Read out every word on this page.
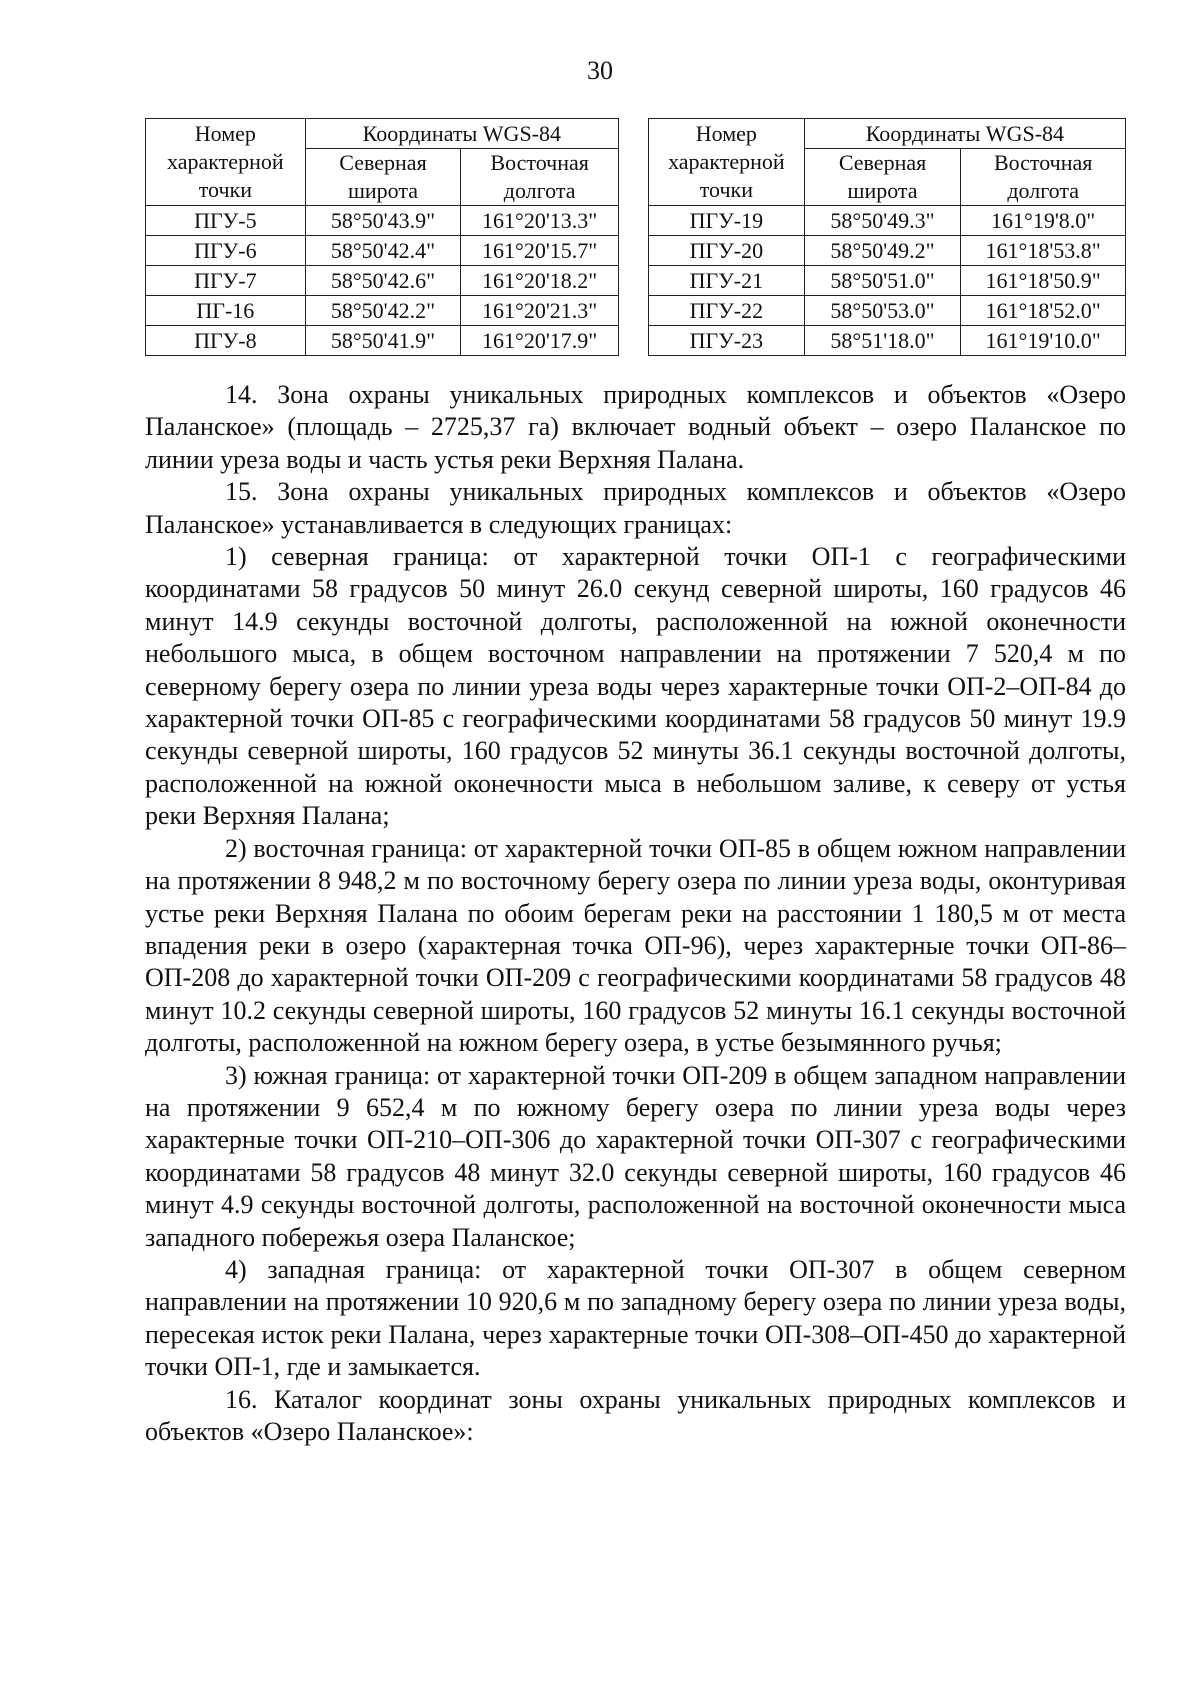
30
Номер характерной точки	Координаты WGS-84	
	Северная широта	Восточная долгота

ПГУ-5	58°50'43.9"	161°20'13.3"
ПГУ-6	58°50'42.4"	161°20'15.7"
ПГУ-7	58°50'42.6"	161°20'18.2"
ПГ-16	58°50'42.2"	161°20'21.3"
ПГУ-8	58°50'41.9"	161°20'17.9"
Номер характерной точки	Координаты WGS-84	
	Северная широта	Восточная долгота

ПГУ-19	58°50'49.3"	161°19'8.0"
ПГУ-20	58°50'49.2"	161°18'53.8"
ПГУ-21	58°50'51.0"	161°18'50.9"
ПГУ-22	58°50'53.0"	161°18'52.0"
ПГУ-23	58°51'18.0"	161°19'10.0"

14. Зона охраны уникальных природных комплексов и объектов «Озеро Паланское» (площадь – 2725,37 га) включает водный объект – озеро Паланское по линии уреза воды и часть устья реки Верхняя Палана.

15. Зона охраны уникальных природных комплексов и объектов «Озеро Паланское» устанавливается в следующих границах:

1) северная граница: от характерной точки ОП-1 с географическими координатами 58 градусов 50 минут 26.0 секунд северной широты, 160 градусов 46 минут 14.9 секунды восточной долготы, расположенной на южной оконечности небольшого мыса, в общем восточном направлении на протяжении 7 520,4 м по северному берегу озера по линии уреза воды через характерные точки ОП-2–ОП-84 до характерной точки ОП-85 с географическими координатами 58 градусов 50 минут 19.9 секунды северной широты, 160 градусов 52 минуты 36.1 секунды восточной долготы, расположенной на южной оконечности мыса в небольшом заливе, к северу от устья реки Верхняя Палана;

2) восточная граница: от характерной точки ОП-85 в общем южном направлении на протяжении 8 948,2 м по восточному берегу озера по линии уреза воды, оконтуривая устье реки Верхняя Палана по обоим берегам реки на расстоянии 1 180,5 м от места впадения реки в озеро (характерная точка ОП-96), через характерные точки ОП-86–ОП-208 до характерной точки ОП-209 с географическими координатами 58 градусов 48 минут 10.2 секунды северной широты, 160 градусов 52 минуты 16.1 секунды восточной долготы, расположенной на южном берегу озера, в устье безымянного ручья;

3) южная граница: от характерной точки ОП-209 в общем западном направлении на протяжении 9 652,4 м по южному берегу озера по линии уреза воды через характерные точки ОП-210–ОП-306 до характерной точки ОП-307 с географическими координатами 58 градусов 48 минут 32.0 секунды северной широты, 160 градусов 46 минут 4.9 секунды восточной долготы, расположенной на восточной оконечности мыса западного побережья озера Паланское;

4) западная граница: от характерной точки ОП-307 в общем северном направлении на протяжении 10 920,6 м по западному берегу озера по линии уреза воды, пересекая исток реки Палана, через характерные точки ОП-308–ОП-450 до характерной точки ОП-1, где и замыкается.

16. Каталог координат зоны охраны уникальных природных комплексов и объектов «Озеро Паланское»:
